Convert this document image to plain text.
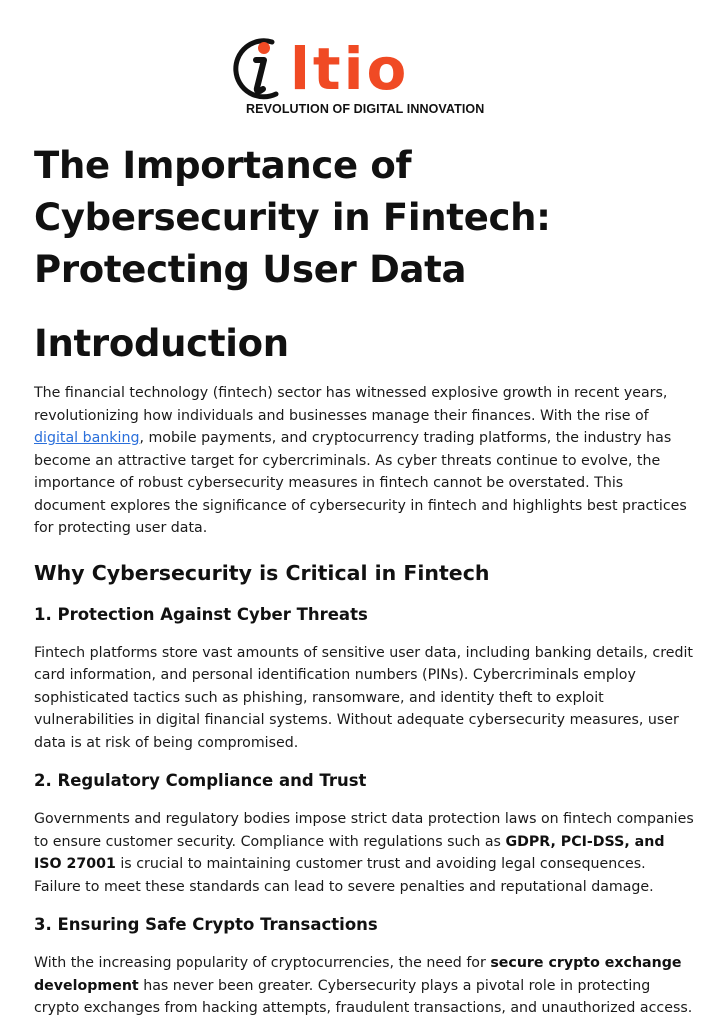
ltio
REVOLUTION OF DIGITAL INNOVATION
The Importance of Cybersecurity in Fintech: Protecting User Data
Introduction

The financial technology (fintech) sector has witnessed explosive growth in recent years, revolutionizing how individuals and businesses manage their finances. With the rise of digital banking, mobile payments, and cryptocurrency trading platforms, the industry has become an attractive target for cybercriminals. As cyber threats continue to evolve, the importance of robust cybersecurity measures in fintech cannot be overstated. This document explores the significance of cybersecurity in fintech and highlights best practices for protecting user data.

Why Cybersecurity is Critical in Fintech
1. Protection Against Cyber Threats

Fintech platforms store vast amounts of sensitive user data, including banking details, credit card information, and personal identification numbers (PINs). Cybercriminals employ sophisticated tactics such as phishing, ransomware, and identity theft to exploit vulnerabilities in digital financial systems. Without adequate cybersecurity measures, user data is at risk of being compromised.

2. Regulatory Compliance and Trust

Governments and regulatory bodies impose strict data protection laws on fintech companies to ensure customer security. Compliance with regulations such as GDPR, PCI-DSS, and ISO 27001 is crucial to maintaining customer trust and avoiding legal consequences. Failure to meet these standards can lead to severe penalties and reputational damage.

3. Ensuring Safe Crypto Transactions

With the increasing popularity of cryptocurrencies, the need for secure crypto exchange development has never been greater. Cybersecurity plays a pivotal role in protecting crypto exchanges from hacking attempts, fraudulent transactions, and unauthorized access.
